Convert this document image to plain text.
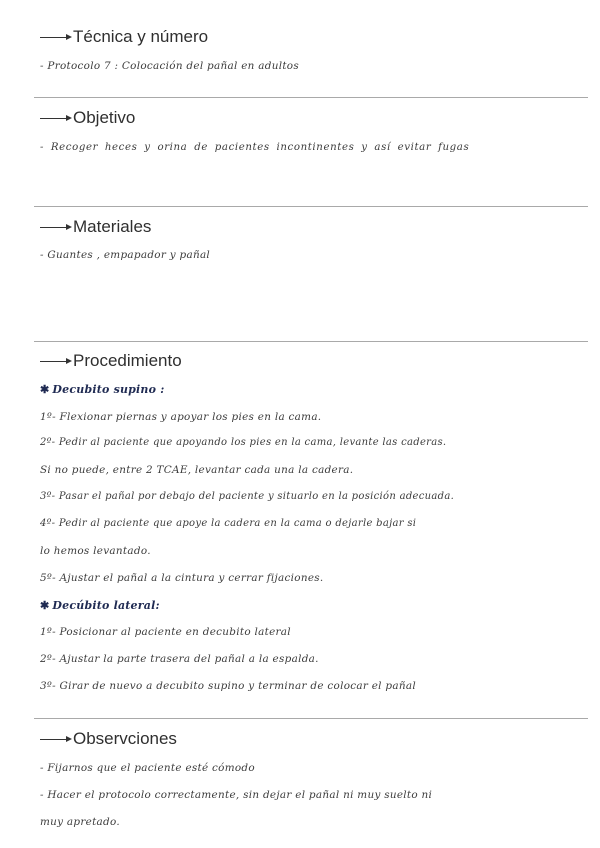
Técnica y número
- Protocolo 7 : Colocación del pañal en adultos
Objetivo
- Recoger heces y orina de pacientes incontinentes y así evitar fugas
Materiales
- Guantes , empapador y pañal
Procedimiento
✱ Decubito supino :
1º- Flexionar piernas y apoyar los pies en la cama.
2º- Pedir al paciente que apoyando los pies en la cama, levante las caderas.
Si no puede, entre 2 TCAE, levantar cada una la cadera.
3º- Pasar el pañal por debajo del paciente y situarlo en la posición adecuada.
4º- Pedir al paciente que apoye la cadera en la cama o dejarle bajar si
lo hemos levantado.
5º- Ajustar el pañal a la cintura y cerrar fijaciones.
✱ Decúbito lateral:
1º- Posicionar al paciente en decubito lateral
2º- Ajustar la parte trasera del pañal a la espalda.
3º- Girar de nuevo a decubito supino y terminar de colocar el pañal
Observciones
- Fijarnos que el paciente esté cómodo
- Hacer el protocolo correctamente, sin dejar el pañal ni muy suelto ni
muy apretado.
